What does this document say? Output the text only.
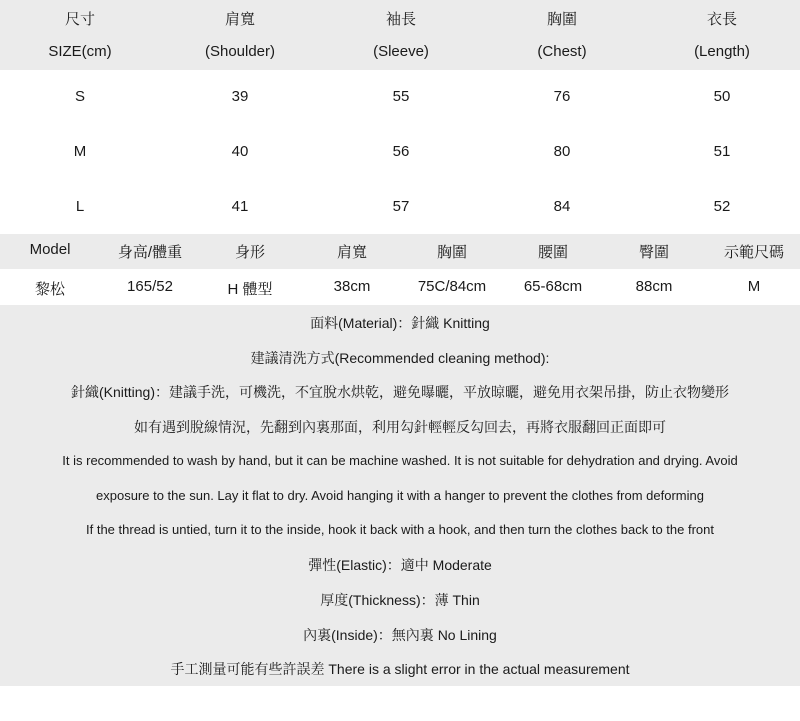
尺寸	肩寬	袖長	胸圍	衣長
SIZE(cm)	(Shoulder)	(Sleeve)	(Chest)	(Length)
S	39	55	76	50
M	40	56	80	51
L	41	57	84	52
Model	身高/體重	身形	肩寬	胸圍	腰圍	臀圍	示範尺碼
黎松	165/52	H 體型	38cm	75C/84cm	65-68cm	88cm	M
面料(Material)：針織 Knitting
建議清洗方式(Recommended cleaning method):
針織(Knitting)：建議手洗，可機洗，不宜脫水烘乾，避免曝曬，平放晾曬，避免用衣架吊掛，防止衣物變形
如有遇到脫線情況，先翻到內裏那面，利用勾針輕輕反勾回去，再將衣服翻回正面即可
It is recommended to wash by hand, but it can be machine washed. It is not suitable for dehydration and drying. Avoid
exposure to the sun. Lay it flat to dry. Avoid hanging it with a hanger to prevent the clothes from deforming
If the thread is untied, turn it to the inside, hook it back with a hook, and then turn the clothes back to the front
彈性(Elastic)：適中 Moderate
厚度(Thickness)：薄 Thin
內裏(Inside)：無內裏 No Lining
手工測量可能有些許誤差 There is a slight error in the actual measurement
